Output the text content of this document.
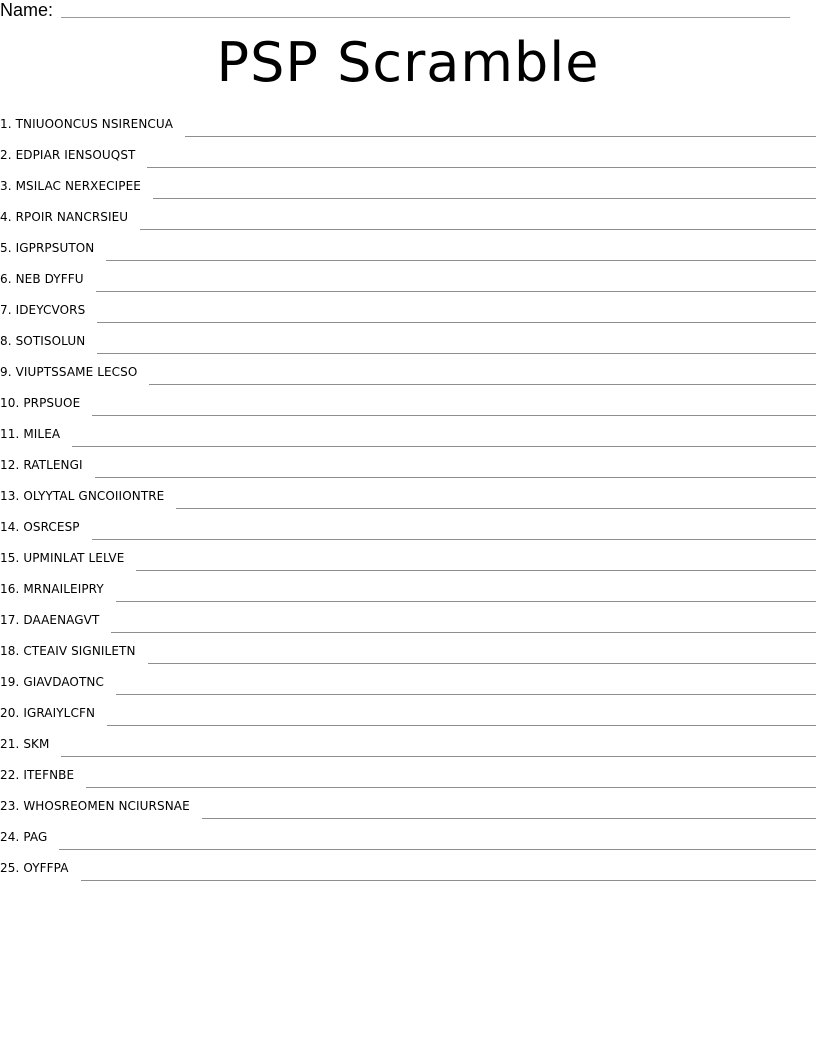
Name:
PSP Scramble
1. TNIUOONCUS NSIRENCUA
2. EDPIAR IENSOUQST
3. MSILAC NERXECIPEE
4. RPOIR NANCRSIEU
5. IGPRPSUTON
6. NEB DYFFU
7. IDEYCVORS
8. SOTISOLUN
9. VIUPTSSAME LECSO
10. PRPSUOE
11. MILEA
12. RATLENGI
13. OLYYTAL GNCOIIONTRE
14. OSRCESP
15. UPMINLAT LELVE
16. MRNAILEIPRY
17. DAAENAGVT
18. CTEAIV SIGNILETN
19. GIAVDAOTNC
20. IGRAIYLCFN
21. SKM
22. ITEFNBE
23. WHOSREOMEN NCIURSNAE
24. PAG
25. OYFFPA
